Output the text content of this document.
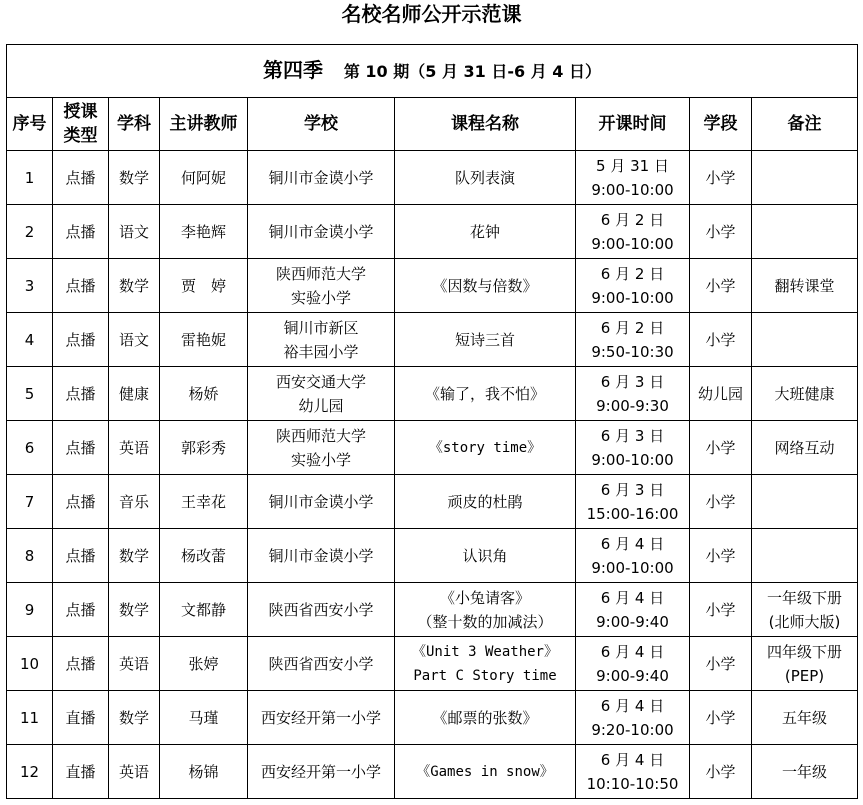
名校名师公开示范课
第四季 第 10 期（5 月 31 日-6 月 4 日）								
序号	授课
类型	学科	主讲教师	学校	课程名称	开课时间	学段	备注
1	点播	数学	何阿妮	铜川市金谟小学	队列表演	5 月 31 日
9:00-10:00	小学	
2	点播	语文	李艳辉	铜川市金谟小学	花钟	6 月 2 日
9:00-10:00	小学	
3	点播	数学	贾　婷	陕西师范大学
实验小学	《因数与倍数》	6 月 2 日
9:00-10:00	小学	翻转课堂

4	点播	语文	雷艳妮	铜川市新区
裕丰园小学	短诗三首	6 月 2 日
9:50-10:30	小学	
5	点播	健康	杨娇	西安交通大学
幼儿园	《输了，我不怕》	6 月 3 日
9:00-9:30	幼儿园	大班健康

6	点播	英语	郭彩秀	陕西师范大学
实验小学	《story time》	6 月 3 日
9:00-10:00	小学	网络互动

7	点播	音乐	王幸花	铜川市金谟小学	顽皮的杜鹃	6 月 3 日
15:00-16:00	小学	
8	点播	数学	杨改蕾	铜川市金谟小学	认识角	6 月 4 日
9:00-10:00	小学	
9	点播	数学	文都静	陕西省西安小学	《小兔请客》
（整十数的加减法）	6 月 4 日
9:00-9:40	小学	一年级下册
(北师大版)

10	点播	英语	张婷	陕西省西安小学	《Unit 3 Weather》
Part C Story time	6 月 4 日
9:00-9:40	小学	四年级下册
(PEP)

11	直播	数学	马瑾	西安经开第一小学	《邮票的张数》	6 月 4 日
9:20-10:00	小学	五年级

12	直播	英语	杨锦	西安经开第一小学	《Games in snow》	6 月 4 日
10:10-10:50	小学	一年级
